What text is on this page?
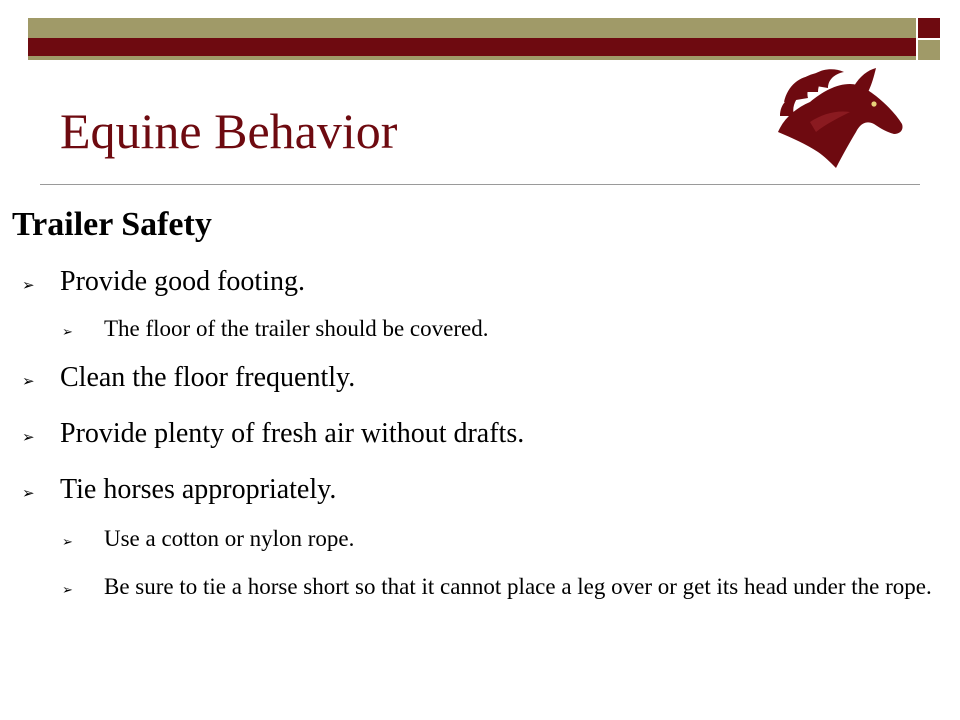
Equine Behavior
Trailer Safety
➢ Provide good footing.
➢	The floor of the trailer should be covered.
➢ Clean the floor frequently.
➢ Provide plenty of fresh air without drafts.
➢ Tie horses appropriately.
➢	Use a cotton or nylon rope.
➢	Be sure to tie a horse short so that it cannot place a leg over or get its head under the rope.
